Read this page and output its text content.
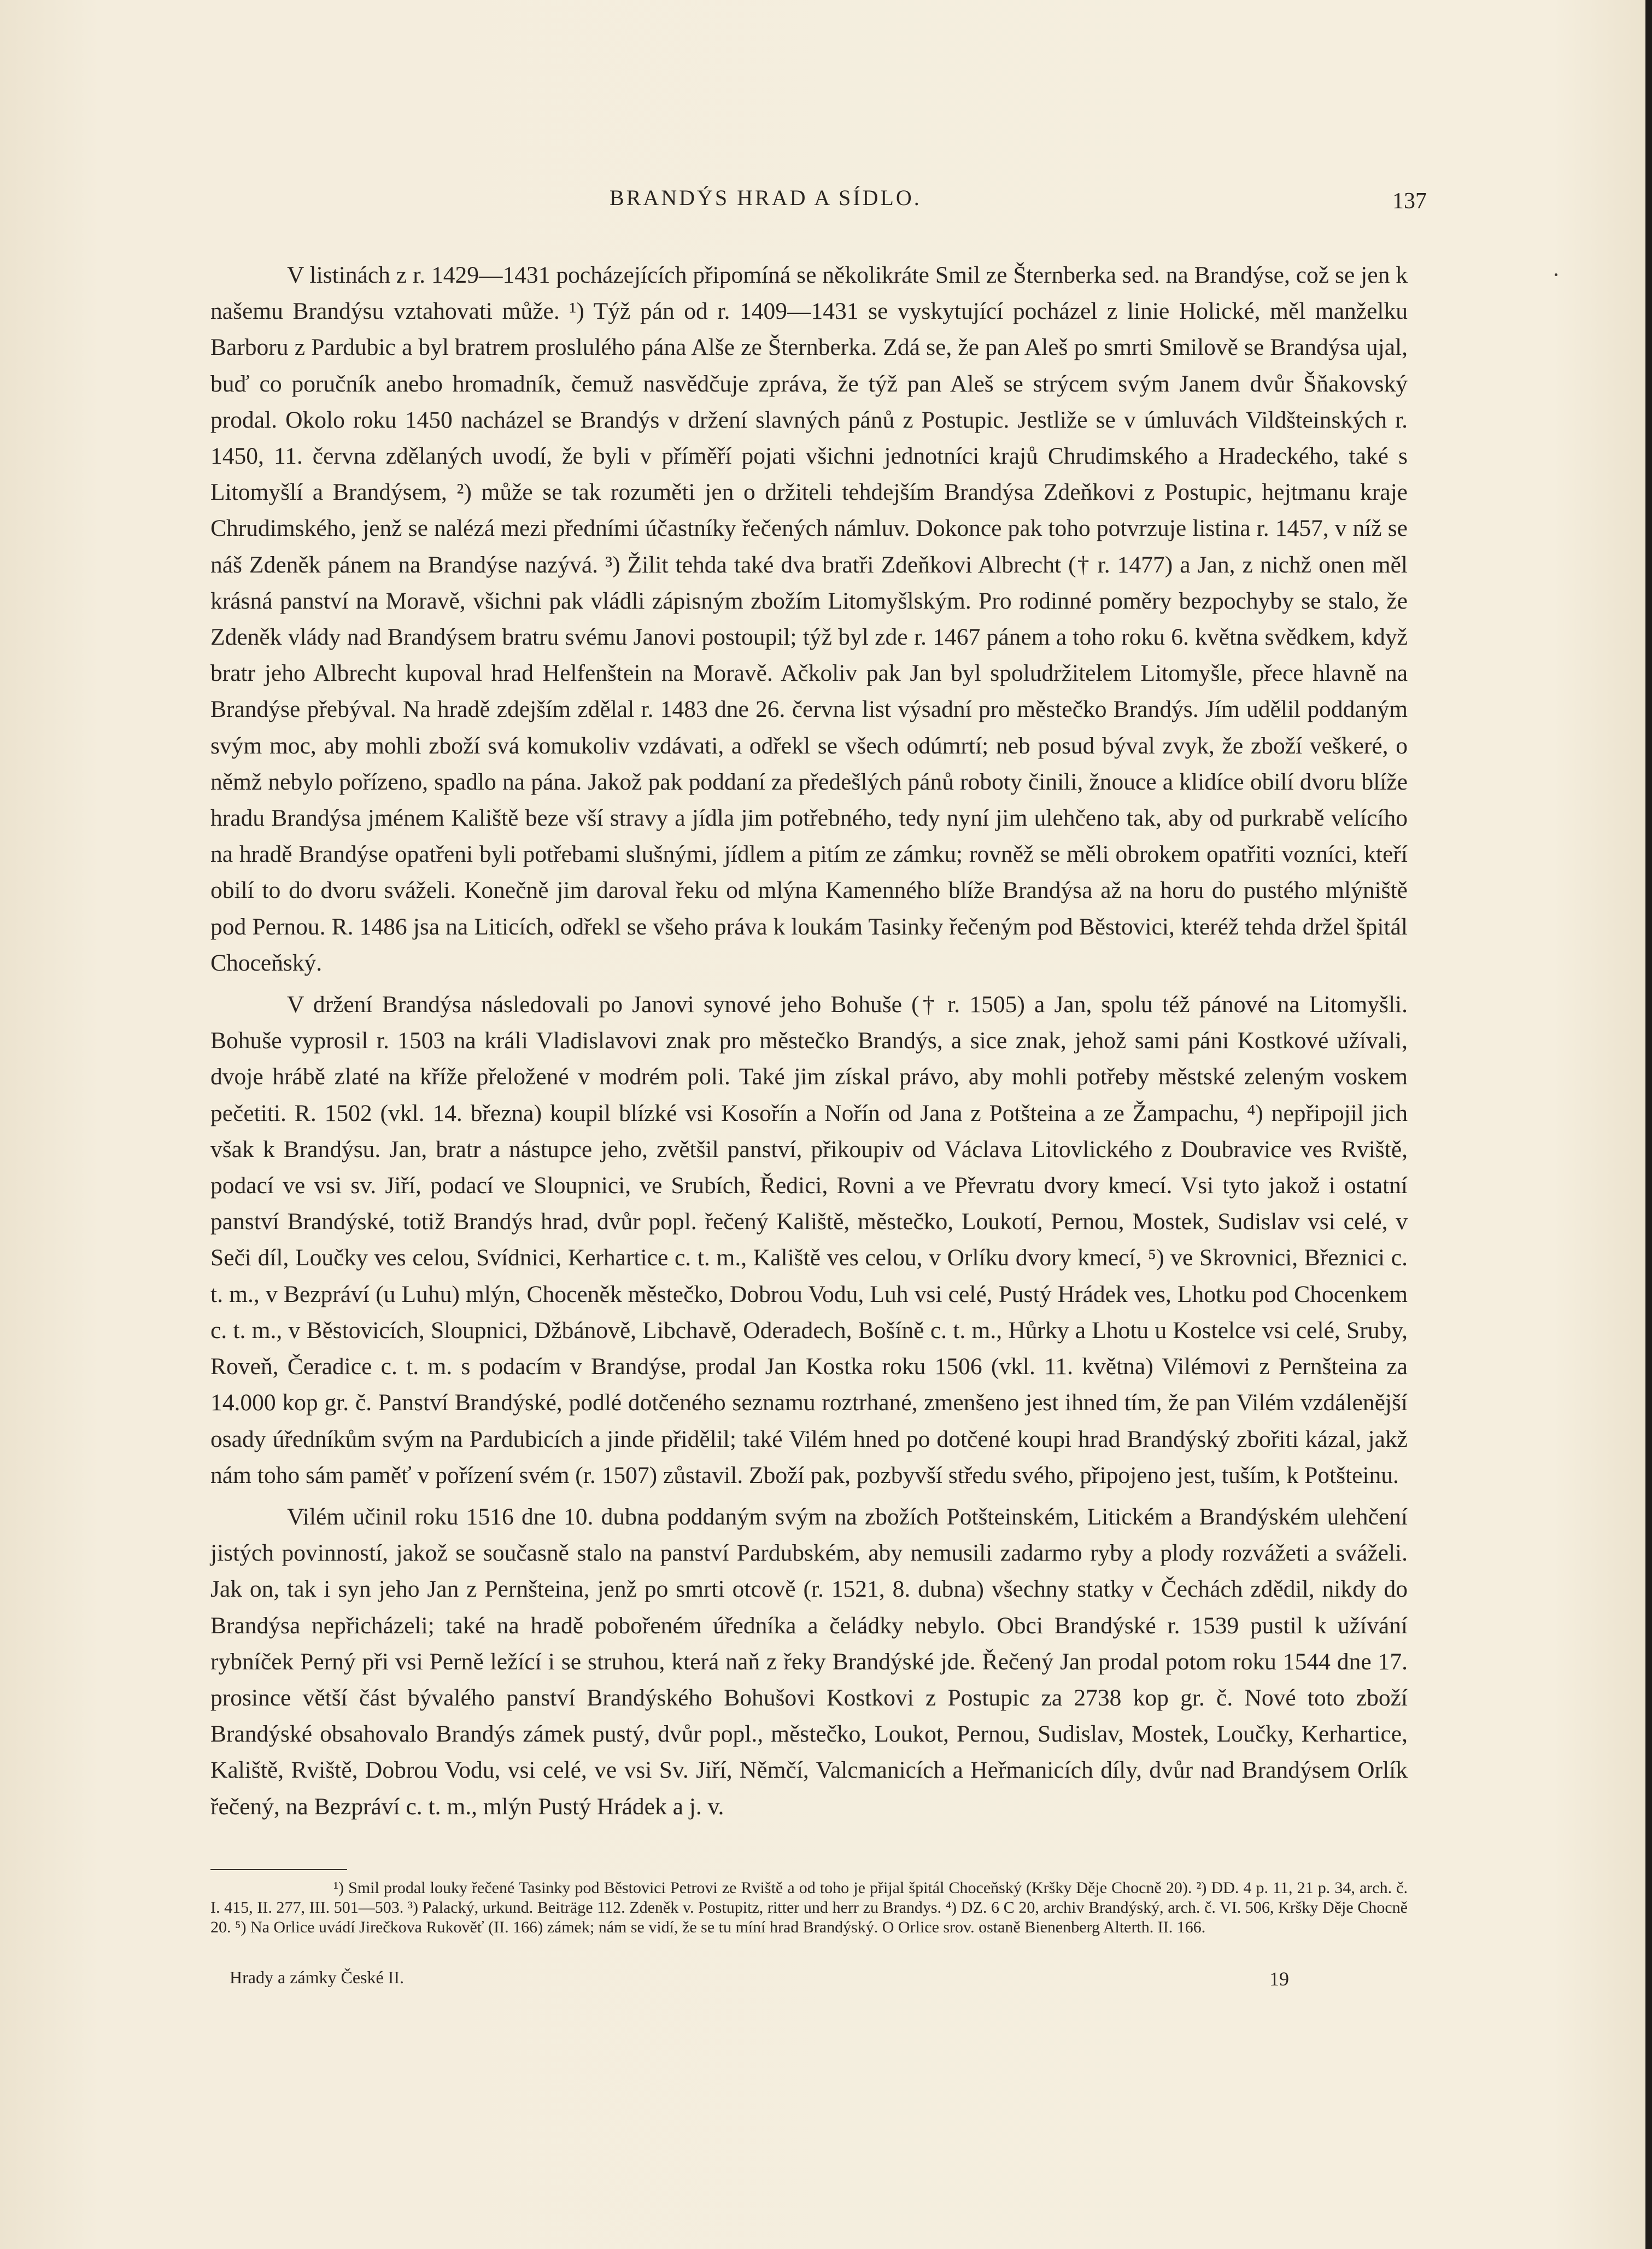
BRANDÝS HRAD A SÍDLO.	137

V listinách z r. 1429—1431 pocházejících připomíná se několikráte Smil ze Šternberka sed. na Brandýse, což se jen k našemu Brandýsu vztahovati může. ¹) Týž pán od r. 1409—1431 se vyskytující pocházel z linie Holické, měl manželku Barboru z Pardubic a byl bratrem proslulého pána Alše ze Šternberka. Zdá se, že pan Aleš po smrti Smilově se Brandýsa ujal, buď co poručník anebo hromadník, čemuž nasvědčuje zpráva, že týž pan Aleš se strýcem svým Janem dvůr Šňakovský prodal. Okolo roku 1450 nacházel se Brandýs v držení slavných pánů z Postupic. Jestliže se v úmluvách Vildšteinských r. 1450, 11. června zdělaných uvodí, že byli v příměří pojati všichni jednotníci krajů Chrudimského a Hradeckého, také s Litomyšlí a Brandýsem, ²) může se tak rozuměti jen o držiteli tehdejším Brandýsa Zdeňkovi z Postupic, hejtmanu kraje Chrudimského, jenž se nalézá mezi předními účastníky řečených námluv. Dokonce pak toho potvrzuje listina r. 1457, v níž se náš Zdeněk pánem na Brandýse nazývá. ³) Žilit tehda také dva bratři Zdeňkovi Albrecht († r. 1477) a Jan, z nichž onen měl krásná panství na Moravě, všichni pak vládli zápisným zbožím Litomyšlským. Pro rodinné poměry bezpochyby se stalo, že Zdeněk vlády nad Brandýsem bratru svému Janovi postoupil; týž byl zde r. 1467 pánem a toho roku 6. května svědkem, když bratr jeho Albrecht kupoval hrad Helfenštein na Moravě. Ačkoliv pak Jan byl spoludržitelem Litomyšle, přece hlavně na Brandýse přebýval. Na hradě zdejším zdělal r. 1483 dne 26. června list výsadní pro městečko Brandýs. Jím udělil poddaným svým moc, aby mohli zboží svá komukoliv vzdávati, a odřekl se všech odúmrtí; neb posud býval zvyk, že zboží veškeré, o němž nebylo pořízeno, spadlo na pána. Jakož pak poddaní za předešlých pánů roboty činili, žnouce a klidíce obilí dvoru blíže hradu Brandýsa jménem Kaliště beze vší stravy a jídla jim potřebného, tedy nyní jim ulehčeno tak, aby od purkrabě velícího na hradě Brandýse opatřeni byli potřebami slušnými, jídlem a pitím ze zámku; rovněž se měli obrokem opatřiti vozníci, kteří obilí to do dvoru sváželi. Konečně jim daroval řeku od mlýna Kamenného blíže Brandýsa až na horu do pustého mlýniště pod Pernou. R. 1486 jsa na Liticích, odřekl se všeho práva k loukám Tasinky řečeným pod Běstovici, kteréž tehda držel špitál Choceňský.

V držení Brandýsa následovali po Janovi synové jeho Bohuše († r. 1505) a Jan, spolu též pánové na Litomyšli. Bohuše vyprosil r. 1503 na králi Vladislavovi znak pro městečko Brandýs, a sice znak, jehož sami páni Kostkové užívali, dvoje hrábě zlaté na kříže přeložené v modrém poli. Také jim získal právo, aby mohli potřeby městské zeleným voskem pečetiti. R. 1502 (vkl. 14. března) koupil blízké vsi Kosořín a Nořín od Jana z Potšteina a ze Žampachu, ⁴) nepřipojil jich však k Brandýsu. Jan, bratr a nástupce jeho, zvětšil panství, přikoupiv od Václava Litovlického z Doubravice ves Rviště, podací ve vsi sv. Jiří, podací ve Sloupnici, ve Srubích, Ředici, Rovni a ve Převratu dvory kmecí. Vsi tyto jakož i ostatní panství Brandýské, totiž Brandýs hrad, dvůr popl. řečený Kaliště, městečko, Loukotí, Pernou, Mostek, Sudislav vsi celé, v Seči díl, Loučky ves celou, Svídnici, Kerhartice c. t. m., Kaliště ves celou, v Orlíku dvory kmecí, ⁵) ve Skrovnici, Březnici c. t. m., v Bezpráví (u Luhu) mlýn, Choceněk městečko, Dobrou Vodu, Luh vsi celé, Pustý Hrádek ves, Lhotku pod Chocenkem c. t. m., v Běstovicích, Sloupnici, Džbánově, Libchavě, Oderadech, Bošíně c. t. m., Hůrky a Lhotu u Kostelce vsi celé, Sruby, Roveň, Čeradice c. t. m. s podacím v Brandýse, prodal Jan Kostka roku 1506 (vkl. 11. května) Vilémovi z Pernšteina za 14.000 kop gr. č. Panství Brandýské, podlé dotčeného seznamu roztrhané, zmenšeno jest ihned tím, že pan Vilém vzdálenější osady úředníkům svým na Pardubicích a jinde přidělil; také Vilém hned po dotčené koupi hrad Brandýský zbořiti kázal, jakž nám toho sám paměť v pořízení svém (r. 1507) zůstavil. Zboží pak, pozbyvší středu svého, připojeno jest, tuším, k Potšteinu.

Vilém učinil roku 1516 dne 10. dubna poddaným svým na zbožích Potšteinském, Litickém a Brandýském ulehčení jistých povinností, jakož se současně stalo na panství Pardubském, aby nemusili zadarmo ryby a plody rozvážeti a sváželi. Jak on, tak i syn jeho Jan z Pernšteina, jenž po smrti otcově (r. 1521, 8. dubna) všechny statky v Čechách zdědil, nikdy do Brandýsa nepřicházeli; také na hradě pobořeném úředníka a čeládky nebylo. Obci Brandýské r. 1539 pustil k užívání rybníček Perný při vsi Perně ležící i se struhou, která naň z řeky Brandýské jde. Řečený Jan prodal potom roku 1544 dne 17. prosince větší část bývalého panství Brandýského Bohušovi Kostkovi z Postupic za 2738 kop gr. č. Nové toto zboží Brandýské obsahovalo Brandýs zámek pustý, dvůr popl., městečko, Loukot, Pernou, Sudislav, Mostek, Loučky, Kerhartice, Kaliště, Rviště, Dobrou Vodu, vsi celé, ve vsi Sv. Jiří, Němčí, Valcmanicích a Heřmanicích díly, dvůr nad Brandýsem Orlík řečený, na Bezpráví c. t. m., mlýn Pustý Hrádek a j. v.

¹) Smil prodal louky řečené Tasinky pod Běstovici Petrovi ze Rviště a od toho je přijal špitál Choceňský (Kršky Děje Chocně 20). ²) DD. 4 p. 11, 21 p. 34, arch. č. I. 415, II. 277, III. 501—503. ³) Palacký, urkund. Beiträge 112. Zdeněk v. Postupitz, ritter und herr zu Brandys. ⁴) DZ. 6 C 20, archiv Brandýský, arch. č. VI. 506, Kršky Děje Chocně 20. ⁵) Na Orlice uvádí Jirečkova Rukověť (II. 166) zámek; nám se vidí, že se tu míní hrad Brandýský. O Orlice srov. ostaně Bienenberg Alterth. II. 166.

Hrady a zámky České II.	19
